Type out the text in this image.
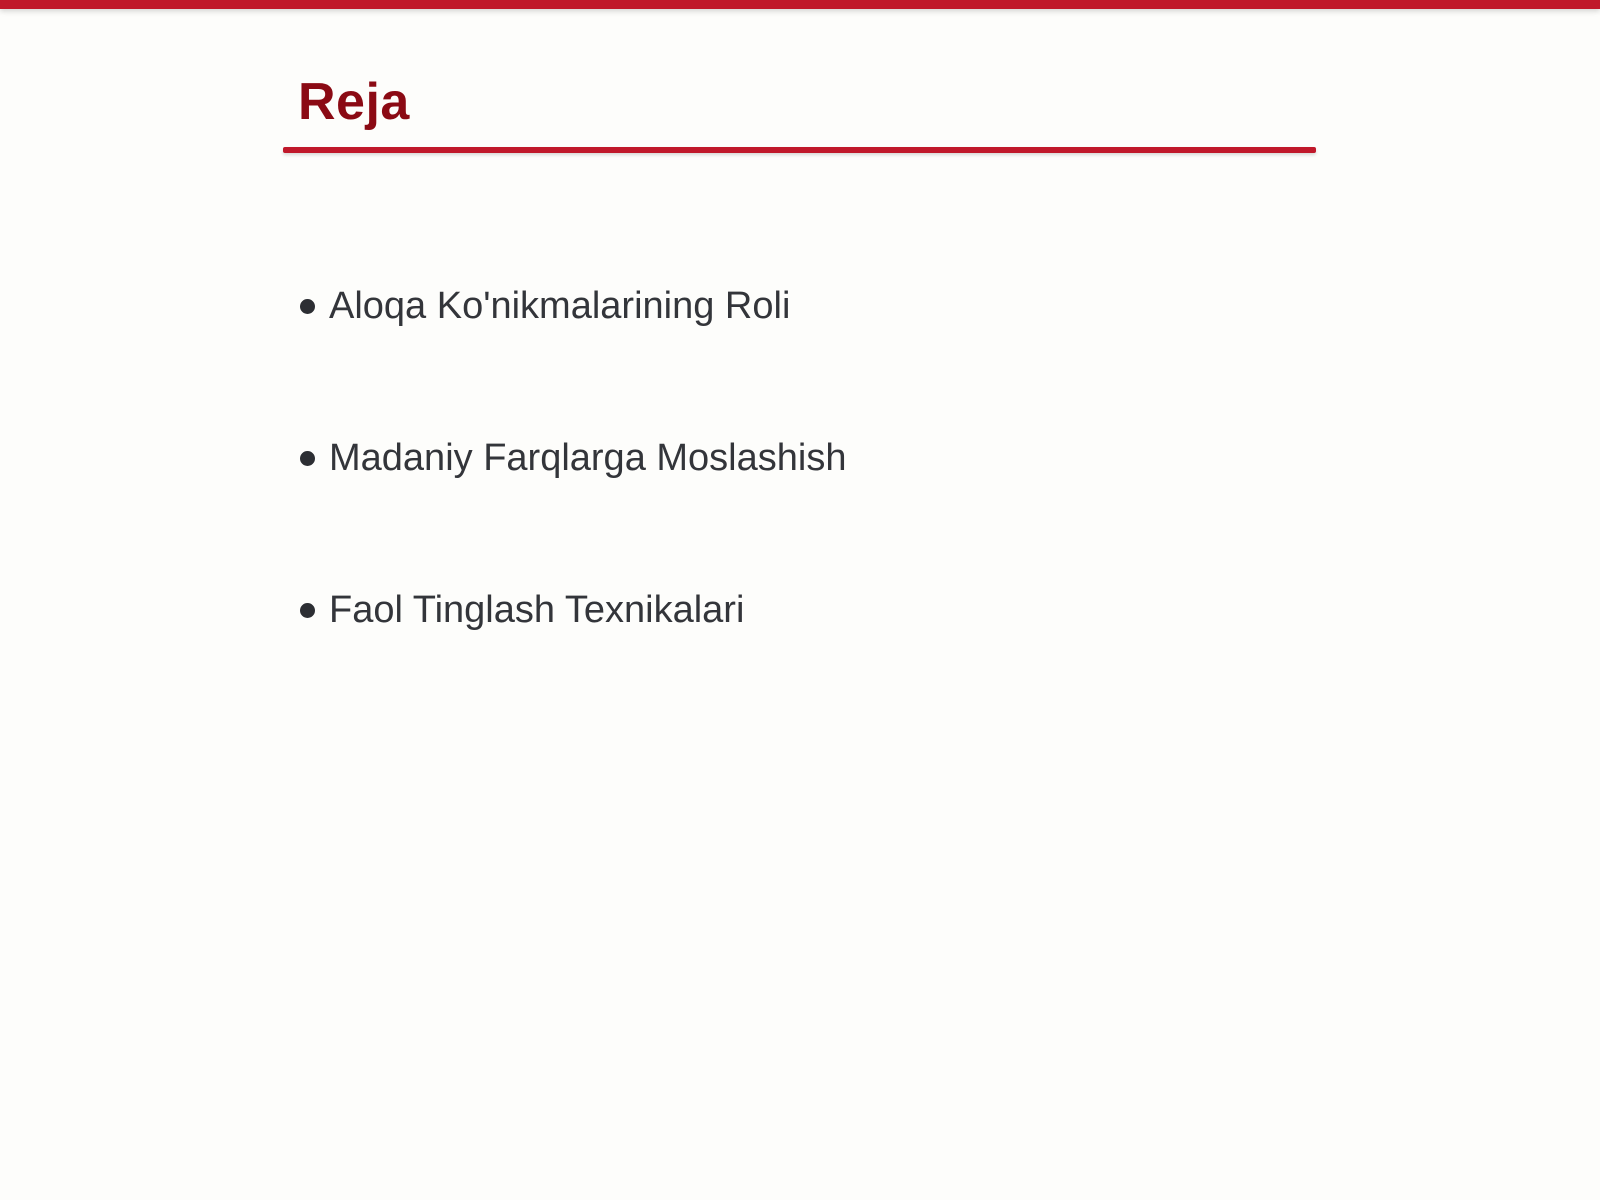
Reja
Aloqa Ko'nikmalarining Roli
Madaniy Farqlarga Moslashish
Faol Tinglash Texnikalari
